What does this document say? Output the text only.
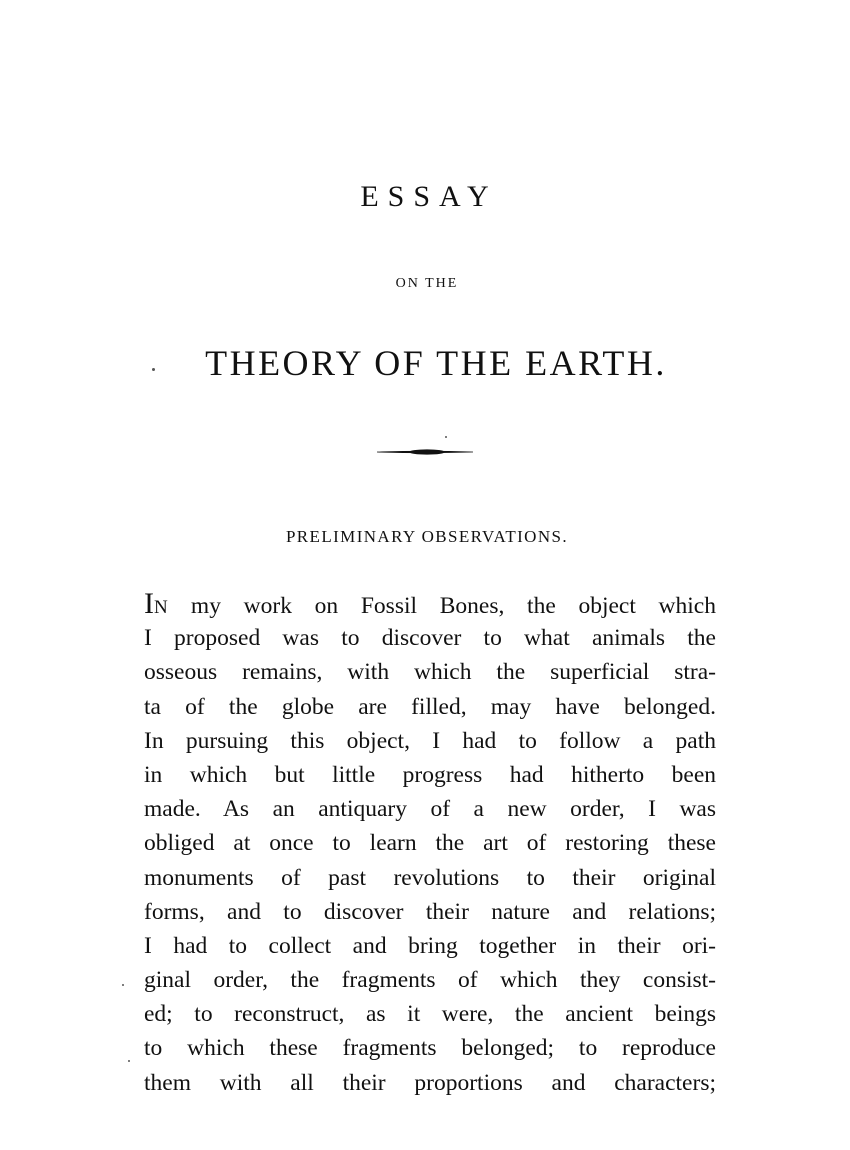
ESSAY
ON THE
THEORY OF THE EARTH.
PRELIMINARY OBSERVATIONS.
IN my work on Fossil Bones, the object which
I proposed was to discover to what animals the
osseous remains, with which the superficial stra-
ta of the globe are filled, may have belonged.
In pursuing this object, I had to follow a path
in which but little progress had hitherto been
made. As an antiquary of a new order, I was
obliged at once to learn the art of restoring these
monuments of past revolutions to their original
forms, and to discover their nature and relations;
I had to collect and bring together in their ori-
ginal order, the fragments of which they consist-
ed; to reconstruct, as it were, the ancient beings
to which these fragments belonged; to reproduce
them with all their proportions and characters;
